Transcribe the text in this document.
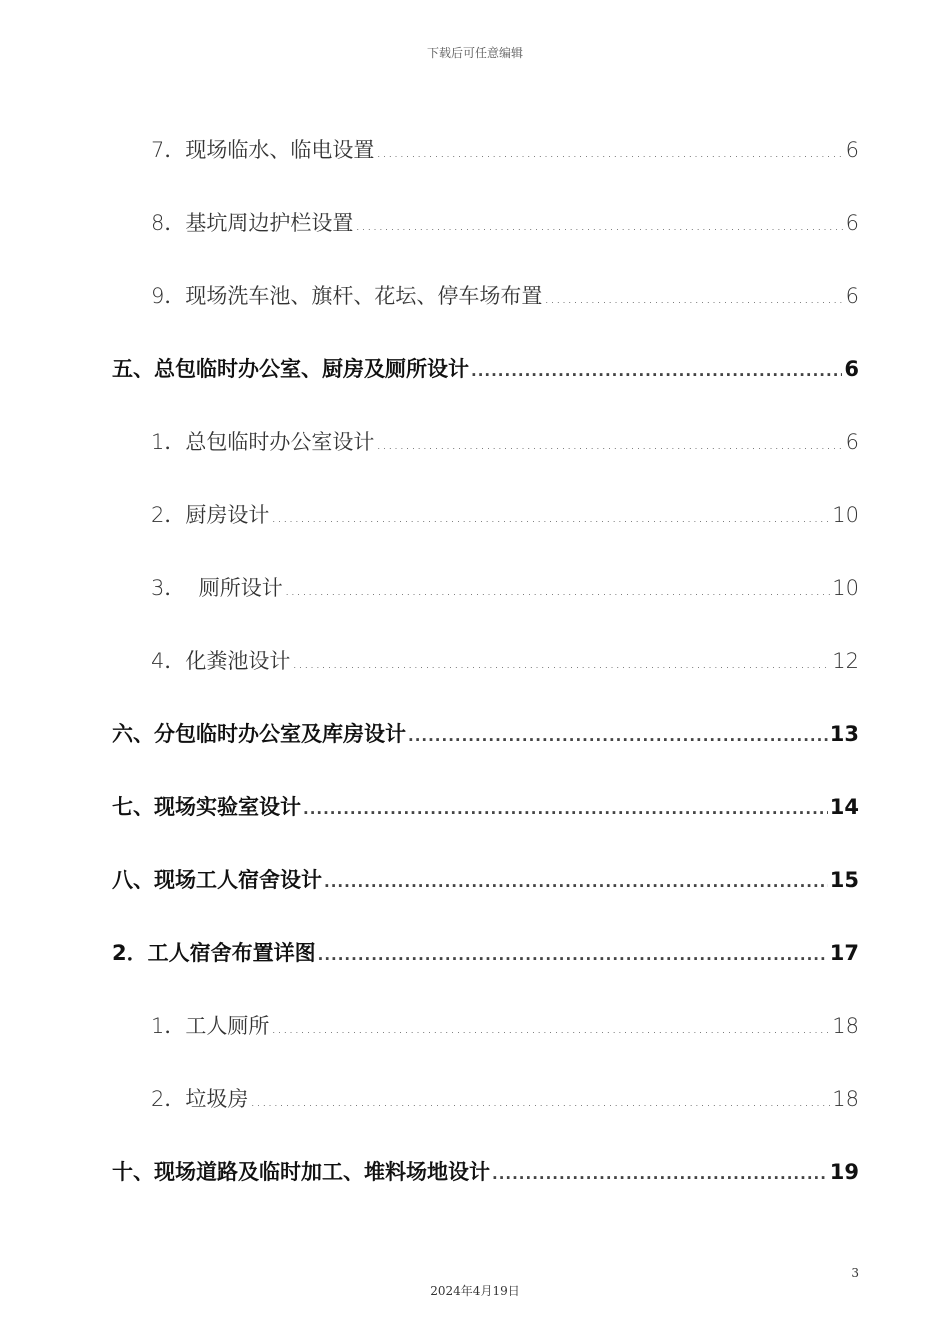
下载后可任意编辑
7．现场临水、临电设置 .....	6
8．基坑周边护栏设置 .....	6
9．现场洗车池、旗杆、花坛、停车场布置 .....	6
五、总包临时办公室、厨房及厕所设计 .....	6
1．总包临时办公室设计 .....	6
2．厨房设计 .....	10
3．  厕所设计 .....	10
4．化粪池设计 .....	12
六、分包临时办公室及库房设计 .....	13
七、现场实验室设计 .....	14
八、现场工人宿舍设计 .....	15
2．工人宿舍布置详图 .....	17
1．工人厕所 .....	18
2．垃圾房 .....	18
十、现场道路及临时加工、堆料场地设计 .....	19
3
2024年4月19日
